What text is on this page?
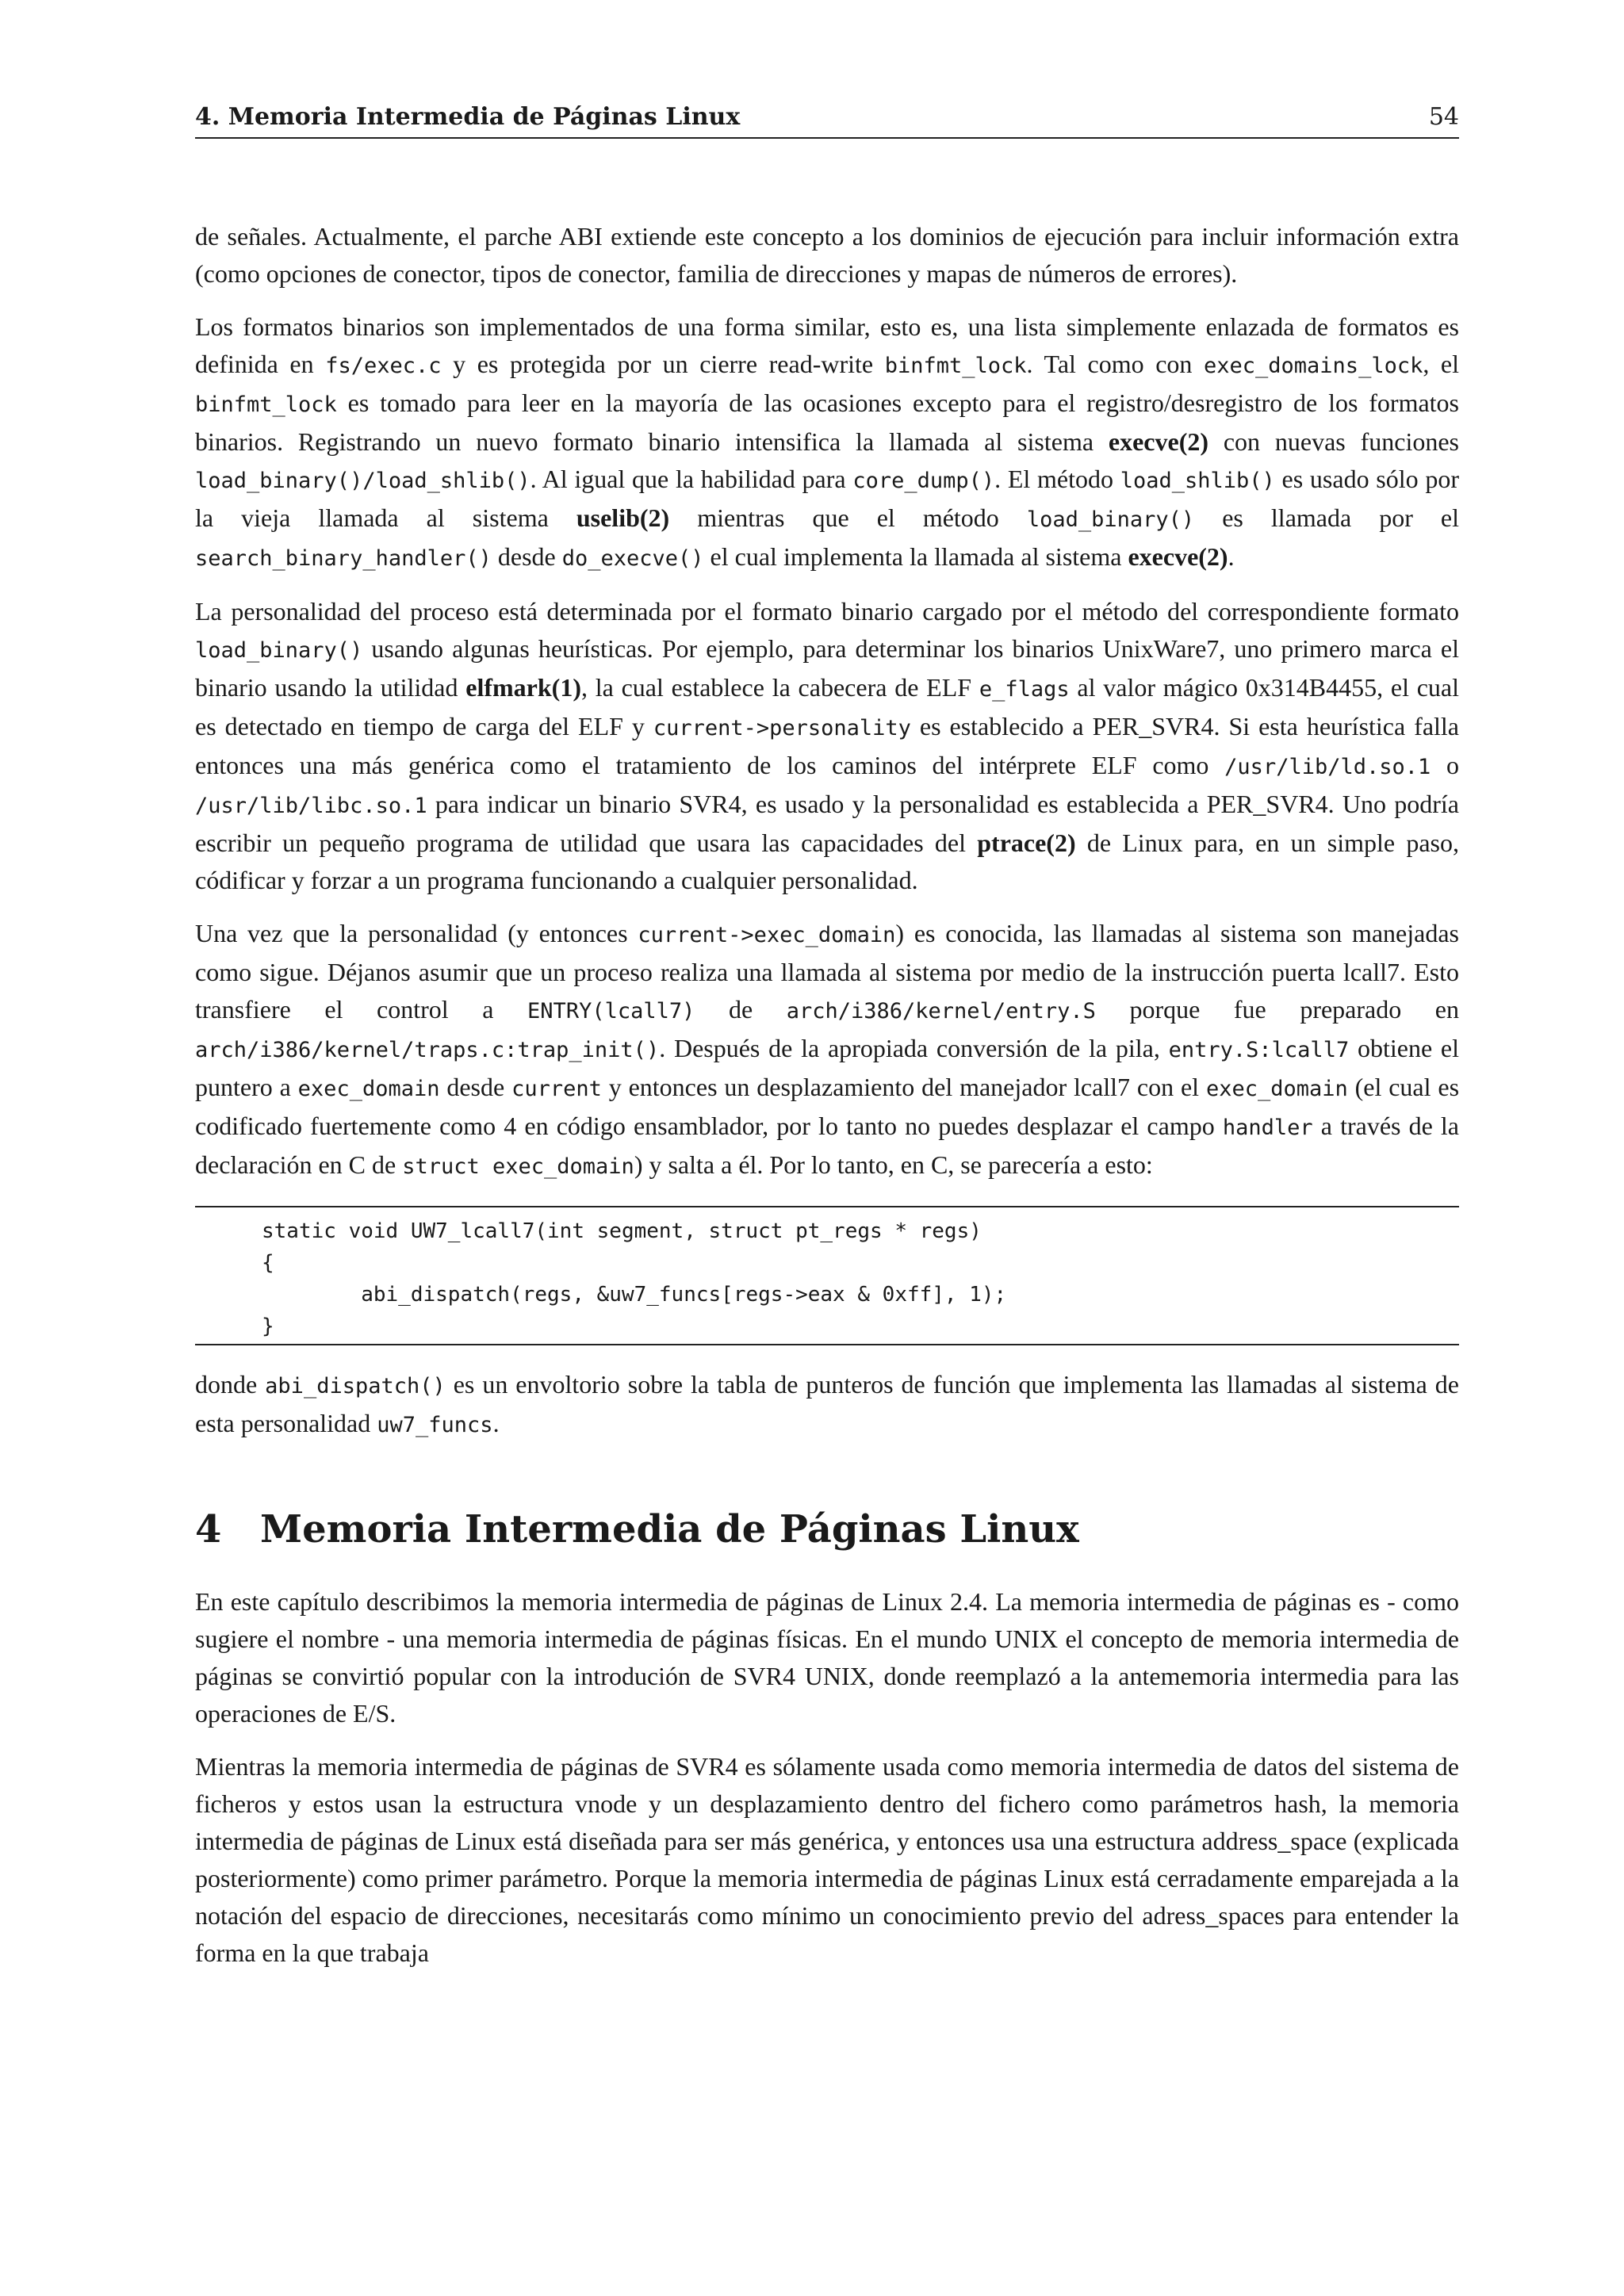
4. Memoria Intermedia de Páginas Linux	54

de señales. Actualmente, el parche ABI extiende este concepto a los dominios de ejecución para incluir información extra (como opciones de conector, tipos de conector, familia de direcciones y mapas de números de errores).

Los formatos binarios son implementados de una forma similar, esto es, una lista simplemente enlazada de formatos es definida en fs/exec.c y es protegida por un cierre read-write binfmt_lock. Tal como con exec_domains_lock, el binfmt_lock es tomado para leer en la mayoría de las ocasiones excepto para el registro/desregistro de los formatos binarios. Registrando un nuevo formato binario intensifica la llamada al sistema execve(2) con nuevas funciones load_binary()/load_shlib(). Al igual que la habilidad para core_dump(). El método load_shlib() es usado sólo por la vieja llamada al sistema uselib(2) mientras que el método load_binary() es llamada por el search_binary_handler() desde do_execve() el cual implementa la llamada al sistema execve(2).

La personalidad del proceso está determinada por el formato binario cargado por el método del correspondiente formato load_binary() usando algunas heurísticas. Por ejemplo, para determinar los binarios UnixWare7, uno primero marca el binario usando la utilidad elfmark(1), la cual establece la cabecera de ELF e_flags al valor mágico 0x314B4455, el cual es detectado en tiempo de carga del ELF y current->personality es establecido a PER_SVR4. Si esta heurística falla entonces una más genérica como el tratamiento de los caminos del intérprete ELF como /usr/lib/ld.so.1 o /usr/lib/libc.so.1 para indicar un binario SVR4, es usado y la personalidad es establecida a PER_SVR4. Uno podría escribir un pequeño programa de utilidad que usara las capacidades del ptrace(2) de Linux para, en un simple paso, códificar y forzar a un programa funcionando a cualquier personalidad.

Una vez que la personalidad (y entonces current->exec_domain) es conocida, las llamadas al sistema son manejadas como sigue. Déjanos asumir que un proceso realiza una llamada al sistema por medio de la instrucción puerta lcall7. Esto transfiere el control a ENTRY(lcall7) de arch/i386/kernel/entry.S porque fue preparado en arch/i386/kernel/traps.c:trap_init(). Después de la apropiada conversión de la pila, entry.S:lcall7 obtiene el puntero a exec_domain desde current y entonces un desplazamiento del manejador lcall7 con el exec_domain (el cual es codificado fuertemente como 4 en código ensamblador, por lo tanto no puedes desplazar el campo handler a través de la declaración en C de struct exec_domain) y salta a él. Por lo tanto, en C, se parecería a esto:

static void UW7_lcall7(int segment, struct pt_regs * regs)
{
abi_dispatch(regs, &uw7_funcs[regs->eax & 0xff], 1);
}

donde abi_dispatch() es un envoltorio sobre la tabla de punteros de función que implementa las llamadas al sistema de esta personalidad uw7_funcs.

4	Memoria Intermedia de Páginas Linux

En este capítulo describimos la memoria intermedia de páginas de Linux 2.4. La memoria intermedia de páginas es - como sugiere el nombre - una memoria intermedia de páginas físicas. En el mundo UNIX el concepto de memoria intermedia de páginas se convirtió popular con la introdución de SVR4 UNIX, donde reemplazó a la antememoria intermedia para las operaciones de E/S.

Mientras la memoria intermedia de páginas de SVR4 es sólamente usada como memoria intermedia de datos del sistema de ficheros y estos usan la estructura vnode y un desplazamiento dentro del fichero como parámetros hash, la memoria intermedia de páginas de Linux está diseñada para ser más genérica, y entonces usa una estructura address_space (explicada posteriormente) como primer parámetro. Porque la memoria intermedia de páginas Linux está cerradamente emparejada a la notación del espacio de direcciones, necesitarás como mínimo un conocimiento previo del adress_spaces para entender la forma en la que trabaja
